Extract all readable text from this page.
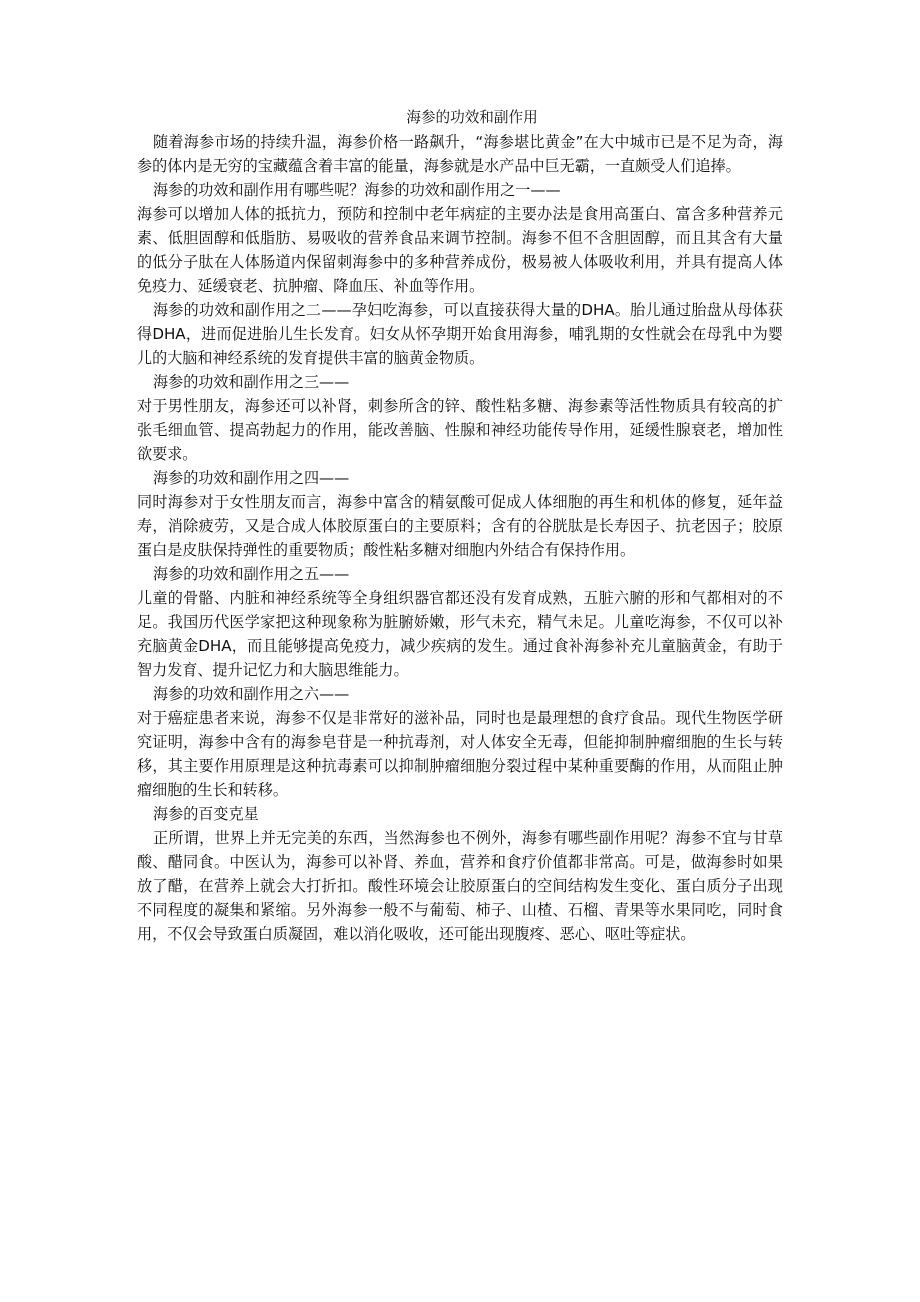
海参的功效和副作用

随着海参市场的持续升温，海参价格一路飙升，“海参堪比黄金”在大中城市已是不足为奇，海参的体内是无穷的宝藏蕴含着丰富的能量，海参就是水产品中巨无霸，一直颇受人们追捧。

海参的功效和副作用有哪些呢？海参的功效和副作用之一——

海参可以增加人体的抵抗力，预防和控制中老年病症的主要办法是食用高蛋白、富含多种营养元素、低胆固醇和低脂肪、易吸收的营养食品来调节控制。海参不但不含胆固醇，而且其含有大量的低分子肽在人体肠道内保留刺海参中的多种营养成份，极易被人体吸收利用，并具有提高人体免疫力、延缓衰老、抗肿瘤、降血压、补血等作用。

海参的功效和副作用之二——孕妇吃海参，可以直接获得大量的DHA。胎儿通过胎盘从母体获得DHA，进而促进胎儿生长发育。妇女从怀孕期开始食用海参，哺乳期的女性就会在母乳中为婴儿的大脑和神经系统的发育提供丰富的脑黄金物质。

海参的功效和副作用之三——

对于男性朋友，海参还可以补肾，刺参所含的锌、酸性粘多糖、海参素等活性物质具有较高的扩张毛细血管、提高勃起力的作用，能改善脑、性腺和神经功能传导作用，延缓性腺衰老，增加性欲要求。

海参的功效和副作用之四——

同时海参对于女性朋友而言，海参中富含的精氨酸可促成人体细胞的再生和机体的修复，延年益寿，消除疲劳，又是合成人体胶原蛋白的主要原料；含有的谷胱肽是长寿因子、抗老因子；胶原蛋白是皮肤保持弹性的重要物质；酸性粘多糖对细胞内外结合有保持作用。

海参的功效和副作用之五——

儿童的骨骼、内脏和神经系统等全身组织器官都还没有发育成熟，五脏六腑的形和气都相对的不足。我国历代医学家把这种现象称为脏腑娇嫩，形气未充，精气未足。儿童吃海参，不仅可以补充脑黄金DHA，而且能够提高免疫力，减少疾病的发生。通过食补海参补充儿童脑黄金，有助于智力发育、提升记忆力和大脑思维能力。

海参的功效和副作用之六——

对于癌症患者来说，海参不仅是非常好的滋补品，同时也是最理想的食疗食品。现代生物医学研究证明，海参中含有的海参皂苷是一种抗毒剂，对人体安全无毒，但能抑制肿瘤细胞的生长与转移，其主要作用原理是这种抗毒素可以抑制肿瘤细胞分裂过程中某种重要酶的作用，从而阻止肿瘤细胞的生长和转移。

海参的百变克星

正所谓，世界上并无完美的东西，当然海参也不例外，海参有哪些副作用呢？海参不宜与甘草酸、醋同食。中医认为，海参可以补肾、养血，营养和食疗价值都非常高。可是，做海参时如果放了醋，在营养上就会大打折扣。酸性环境会让胶原蛋白的空间结构发生变化、蛋白质分子出现不同程度的凝集和紧缩。另外海参一般不与葡萄、柿子、山楂、石榴、青果等水果同吃，同时食用，不仅会导致蛋白质凝固，难以消化吸收，还可能出现腹疼、恶心、呕吐等症状。
